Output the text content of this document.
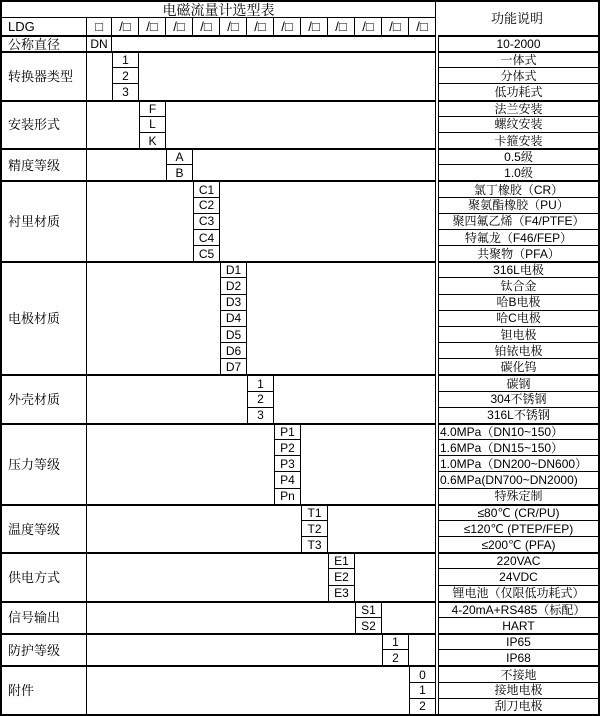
电磁流量计选型表
功能说明
LDG	□	/□	/□	/□	/□	/□	/□	/□	/□	/□	/□	/□	/□
公称直径	DN	10-2000
转换器类型
1	一体式
2	分体式
3	低功耗式
安装形式
F	法兰安装
L	螺纹安装
K	卡箍安装
精度等级
A	0.5级
B	1.0级
衬里材质
C1	氯丁橡胶（CR）
C2	聚氨酯橡胶（PU）
C3	聚四氟乙烯（F4/PTFE）
C4	特氟龙（F46/FEP）
C5	共聚物（PFA）
电极材质
D1	316L电极
D2	钛合金
D3	哈B电极
D4	哈C电极
D5	钽电极
D6	铂铱电极
D7	碳化钨
外壳材质
1	碳钢
2	304不锈钢
3	316L不锈钢
压力等级
P1	4.0MPa（DN10~150）
P2	1.6MPa（DN15~150）
P3	1.0MPa（DN200~DN600）
P4	0.6MPa(DN700~DN2000)
Pn	特殊定制
温度等级
T1	≤80℃ (CR/PU)
T2	≤120℃ (PTEP/FEP)
T3	≤200℃ (PFA)
供电方式
E1	220VAC
E2	24VDC
E3	锂电池（仅限低功耗式）
信号输出
S1	4-20mA+RS485（标配）
S2	HART
防护等级
1	IP65
2	IP68
附件
0	不接地
1	接地电极
2	刮刀电极
